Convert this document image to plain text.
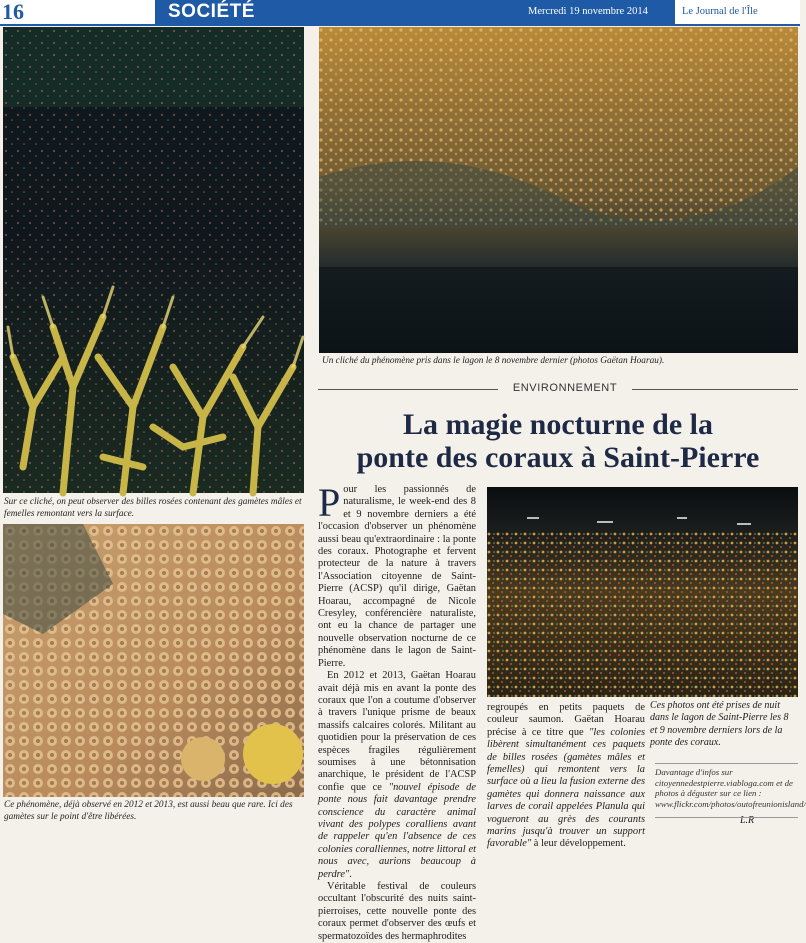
16	SOCIÉTÉ	Mercredi 19 novembre 2014	Le Journal de l'Île
Sur ce cliché, on peut observer des billes rosées contenant des gamètes mâles et femelles remontant vers la surface.
Un cliché du phénomène pris dans le lagon le 8 novembre dernier (photos Gaëtan Hoarau).
Ce phénomène, déjà observé en 2012 et 2013, est aussi beau que rare. Ici des gamètes sur le point d'être libérées.
ENVIRONNEMENT
La magie nocturne de la
ponte des coraux à Saint-Pierre

Pour les passionnés de naturalisme, le week-end des 8 et 9 novembre derniers a été l'occasion d'observer un phénomène aussi beau qu'extraordinaire : la ponte des coraux. Photographe et fervent protecteur de la nature à travers l'Association citoyenne de Saint-Pierre (ACSP) qu'il dirige, Gaëtan Hoarau, accompagné de Nicole Cresyley, conférencière naturaliste, ont eu la chance de partager une nouvelle observation nocturne de ce phénomène dans le lagon de Saint-Pierre.

En 2012 et 2013, Gaëtan Hoarau avait déjà mis en avant la ponte des coraux que l'on a coutume d'observer à travers l'unique prisme de beaux massifs calcaires colorés. Militant au quotidien pour la préservation de ces espèces fragiles régulièrement soumises à une bétonnisation anarchique, le président de l'ACSP confie que ce "nouvel épisode de ponte nous fait davantage prendre conscience du caractère animal vivant des polypes coralliens avant de rappeler qu'en l'absence de ces colonies coralliennes, notre littoral et nous avec, aurions beaucoup à perdre".

Véritable festival de couleurs occultant l'obscurité des nuits saint-pierroises, cette nouvelle ponte des coraux permet d'observer des œufs et spermatozoïdes des hermaphrodites

regroupés en petits paquets de couleur saumon. Gaëtan Hoarau précise à ce titre que "les colonies libèrent simultanément ces paquets de billes rosées (gamètes mâles et femelles) qui remontent vers la surface où a lieu la fusion externe des gamètes qui donnera naissance aux larves de corail appelées Planula qui vogueront au grès des courants marins jusqu'à trouver un support favorable" à leur développement.

L.R
Ces photos ont été prises de nuit dans le lagon de Saint-Pierre les 8 et 9 novembre derniers lors de la ponte des coraux.
Davantage d'infos sur citoyennedestpierre.viabloga.com et de photos à déguster sur ce lien : www.flickr.com/photos/outofreunionisland/
